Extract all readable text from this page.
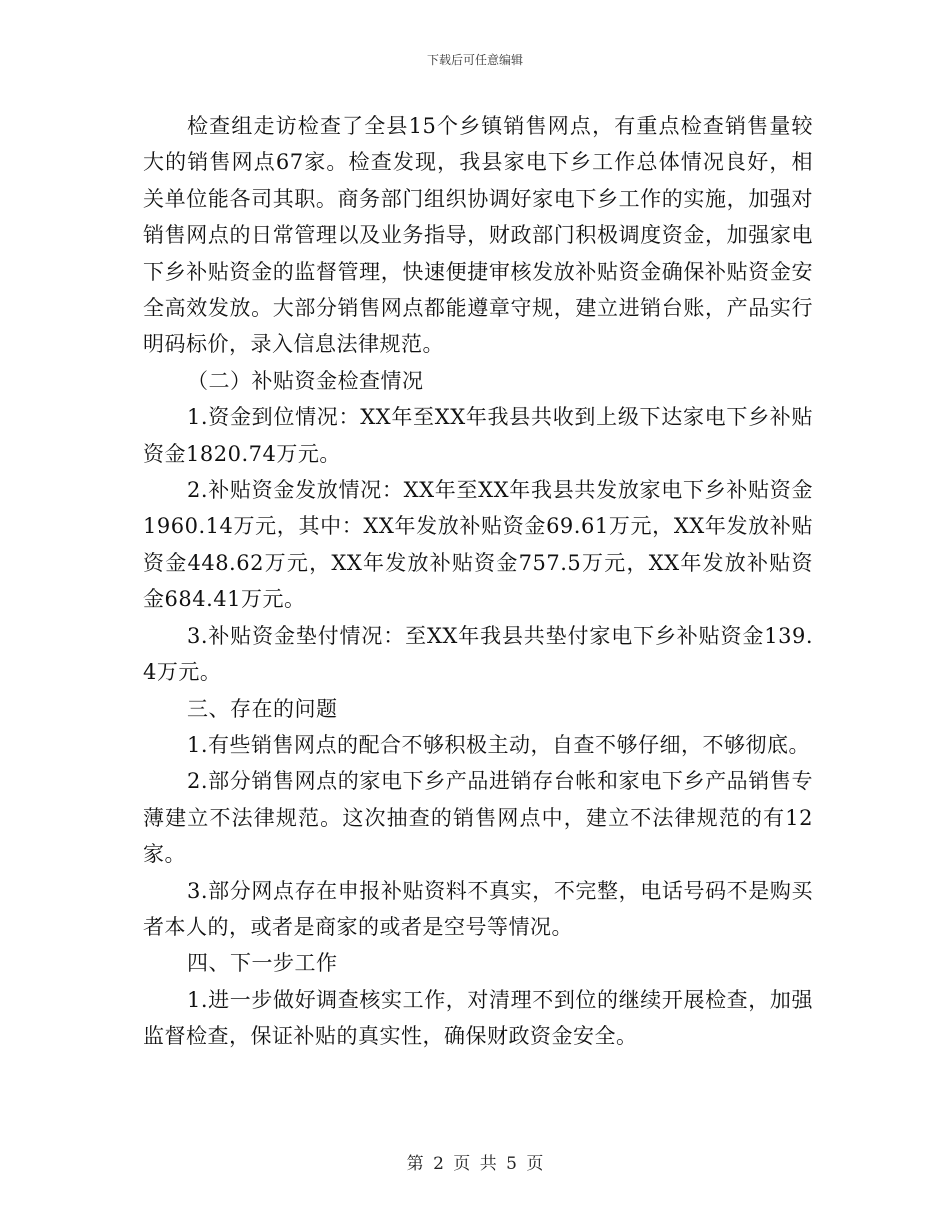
下载后可任意编辑

检查组走访检查了全县15个乡镇销售网点，有重点检查销售量较大的销售网点67家。检查发现，我县家电下乡工作总体情况良好，相关单位能各司其职。商务部门组织协调好家电下乡工作的实施，加强对销售网点的日常管理以及业务指导，财政部门积极调度资金，加强家电下乡补贴资金的监督管理，快速便捷审核发放补贴资金确保补贴资金安全高效发放。大部分销售网点都能遵章守规，建立进销台账，产品实行明码标价，录入信息法律规范。

（二）补贴资金检查情况

1.资金到位情况：XX年至XX年我县共收到上级下达家电下乡补贴资金1820.74万元。

2.补贴资金发放情况：XX年至XX年我县共发放家电下乡补贴资金1960.14万元，其中：XX年发放补贴资金69.61万元，XX年发放补贴资金448.62万元，XX年发放补贴资金757.5万元，XX年发放补贴资金684.41万元。

3.补贴资金垫付情况：至XX年我县共垫付家电下乡补贴资金139.4万元。

三、存在的问题

1.有些销售网点的配合不够积极主动，自查不够仔细，不够彻底。

2.部分销售网点的家电下乡产品进销存台帐和家电下乡产品销售专薄建立不法律规范。这次抽查的销售网点中，建立不法律规范的有12家。

3.部分网点存在申报补贴资料不真实，不完整，电话号码不是购买者本人的，或者是商家的或者是空号等情况。

四、下一步工作

1.进一步做好调查核实工作，对清理不到位的继续开展检查，加强监督检查，保证补贴的真实性，确保财政资金安全。

第 2 页 共 5 页
